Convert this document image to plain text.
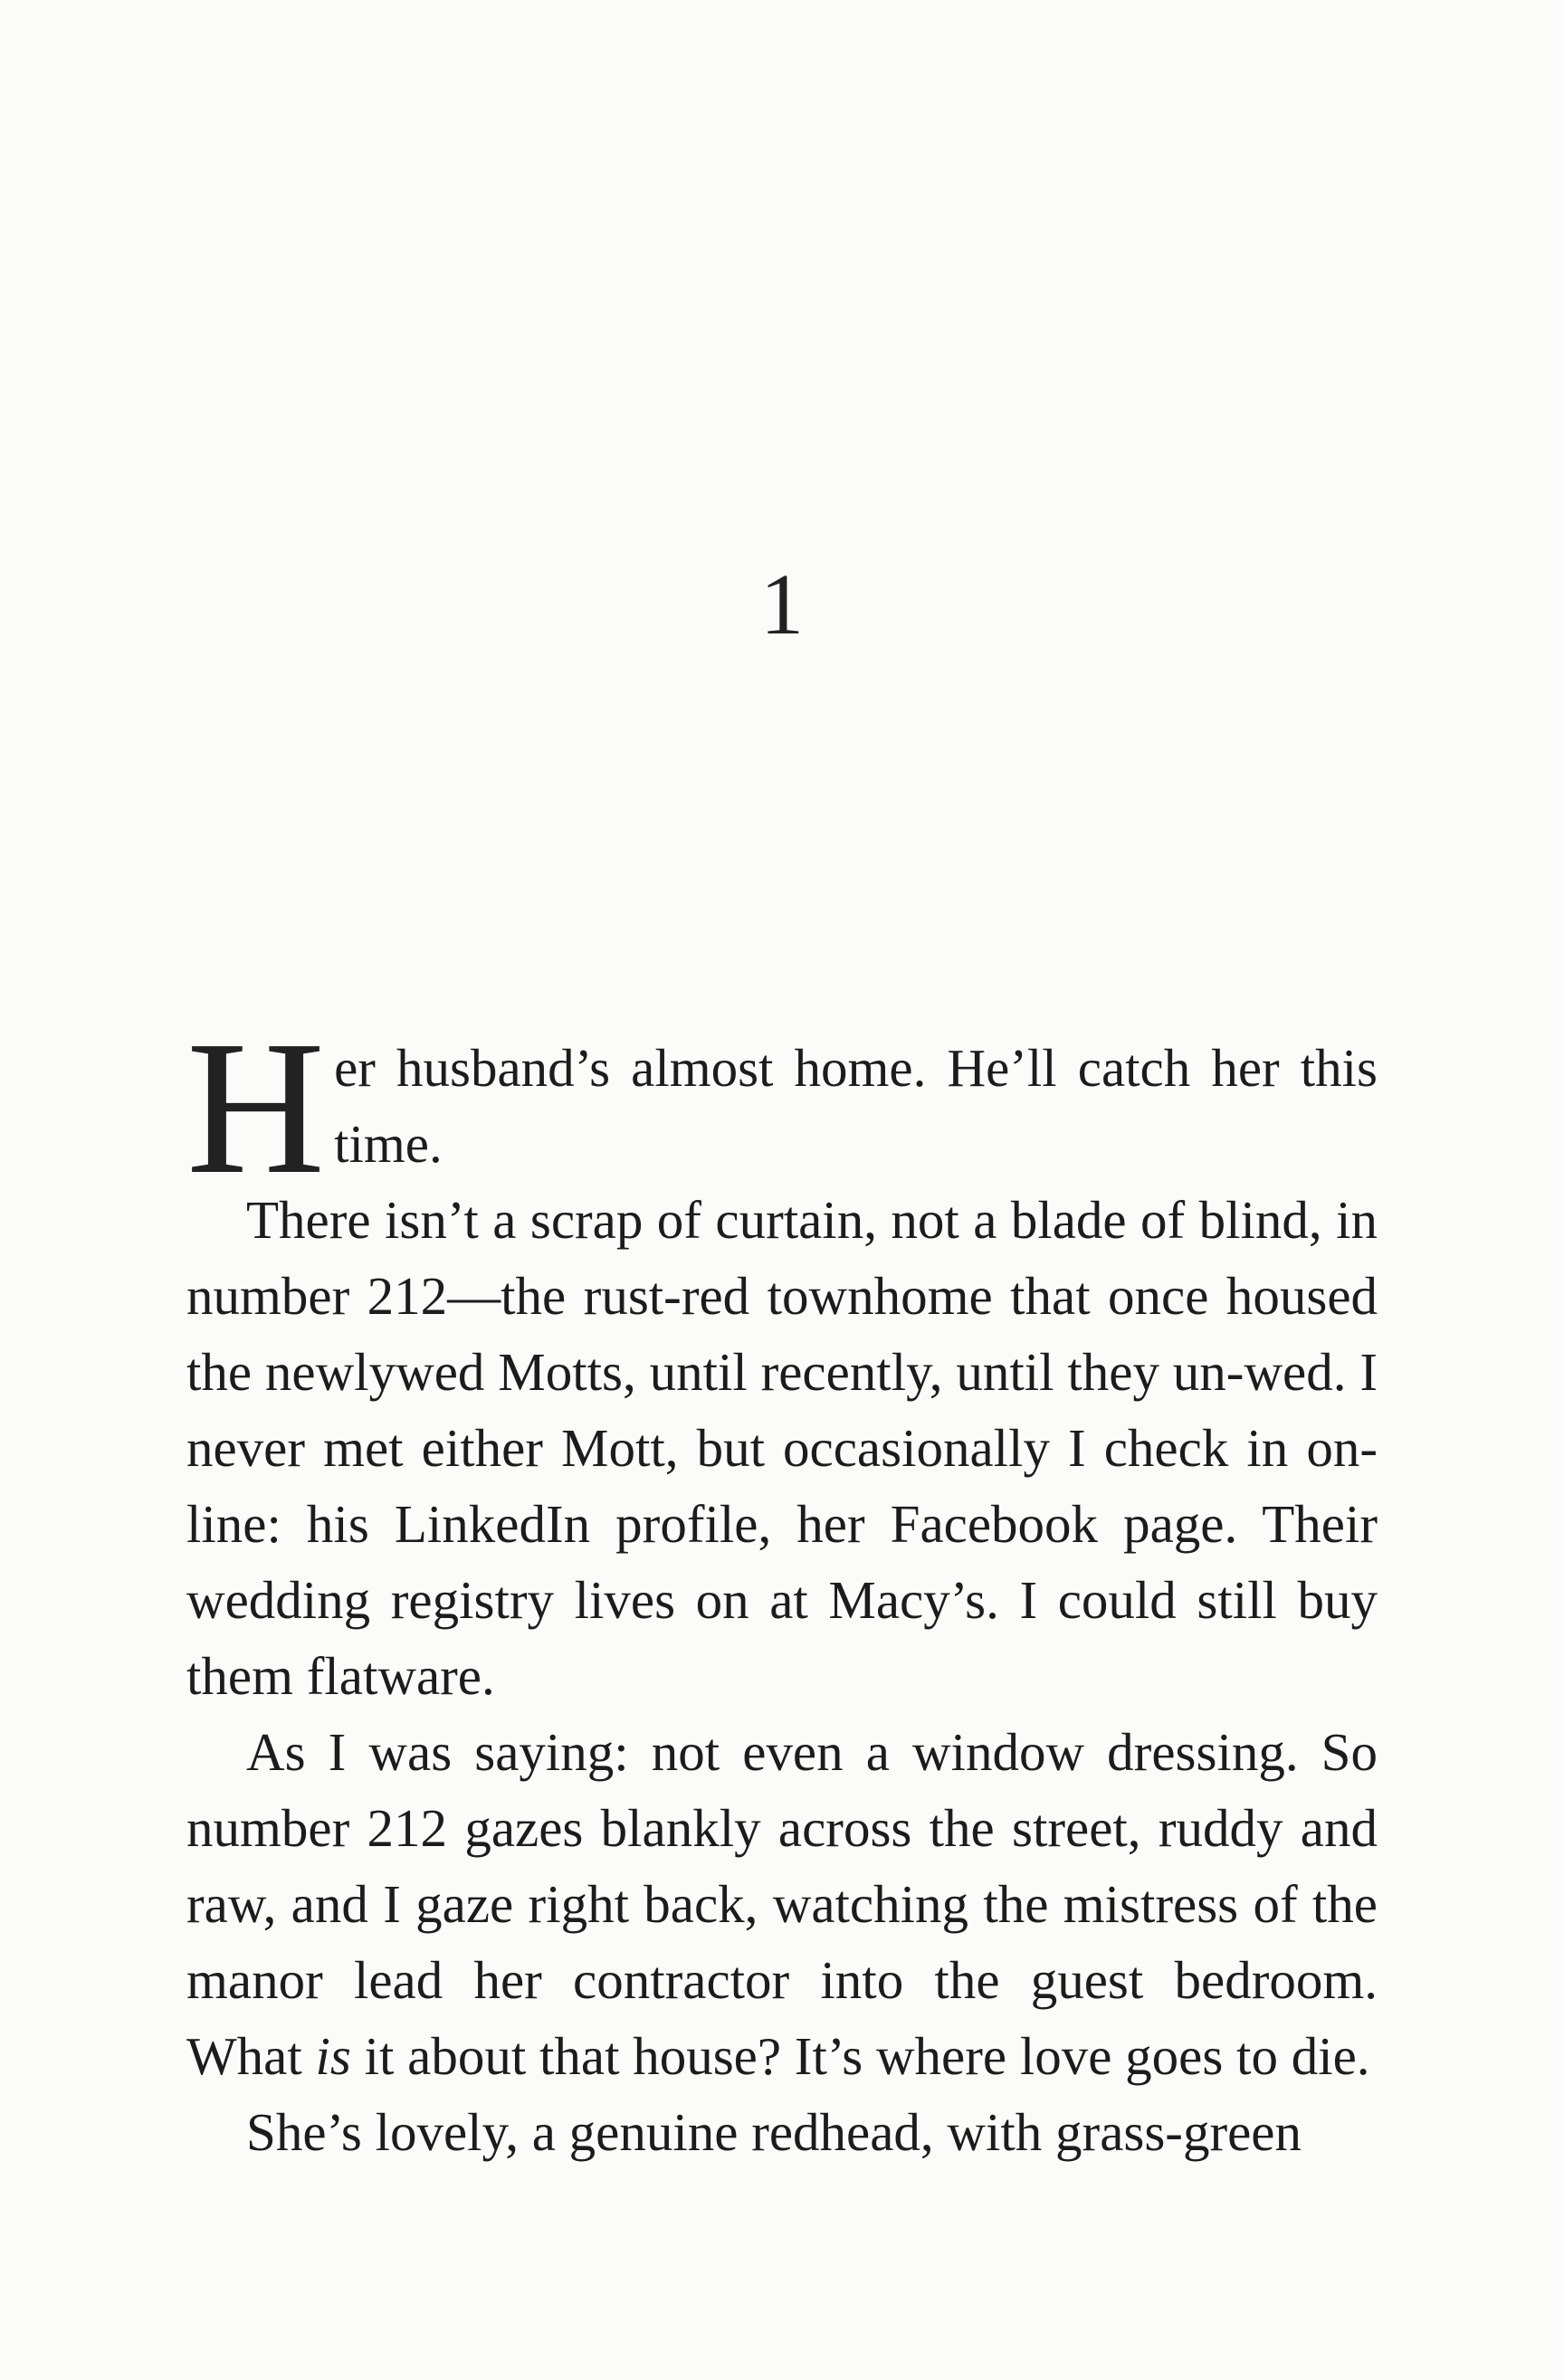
1

Her husband’s almost home. He’ll catch her this time.

There isn’t a scrap of curtain, not a blade of blind, in number 212—the rust-red townhome that once housed the newlywed Motts, until recently, until they un-wed. I never met either Mott, but occasionally I check in on-line: his LinkedIn profile, her Facebook page. Their wedding registry lives on at Macy’s. I could still buy them flatware.

As I was saying: not even a window dressing. So number 212 gazes blankly across the street, ruddy and raw, and I gaze right back, watching the mistress of the manor lead her contractor into the guest bedroom. What is it about that house? It’s where love goes to die.

She’s lovely, a genuine redhead, with grass-green
